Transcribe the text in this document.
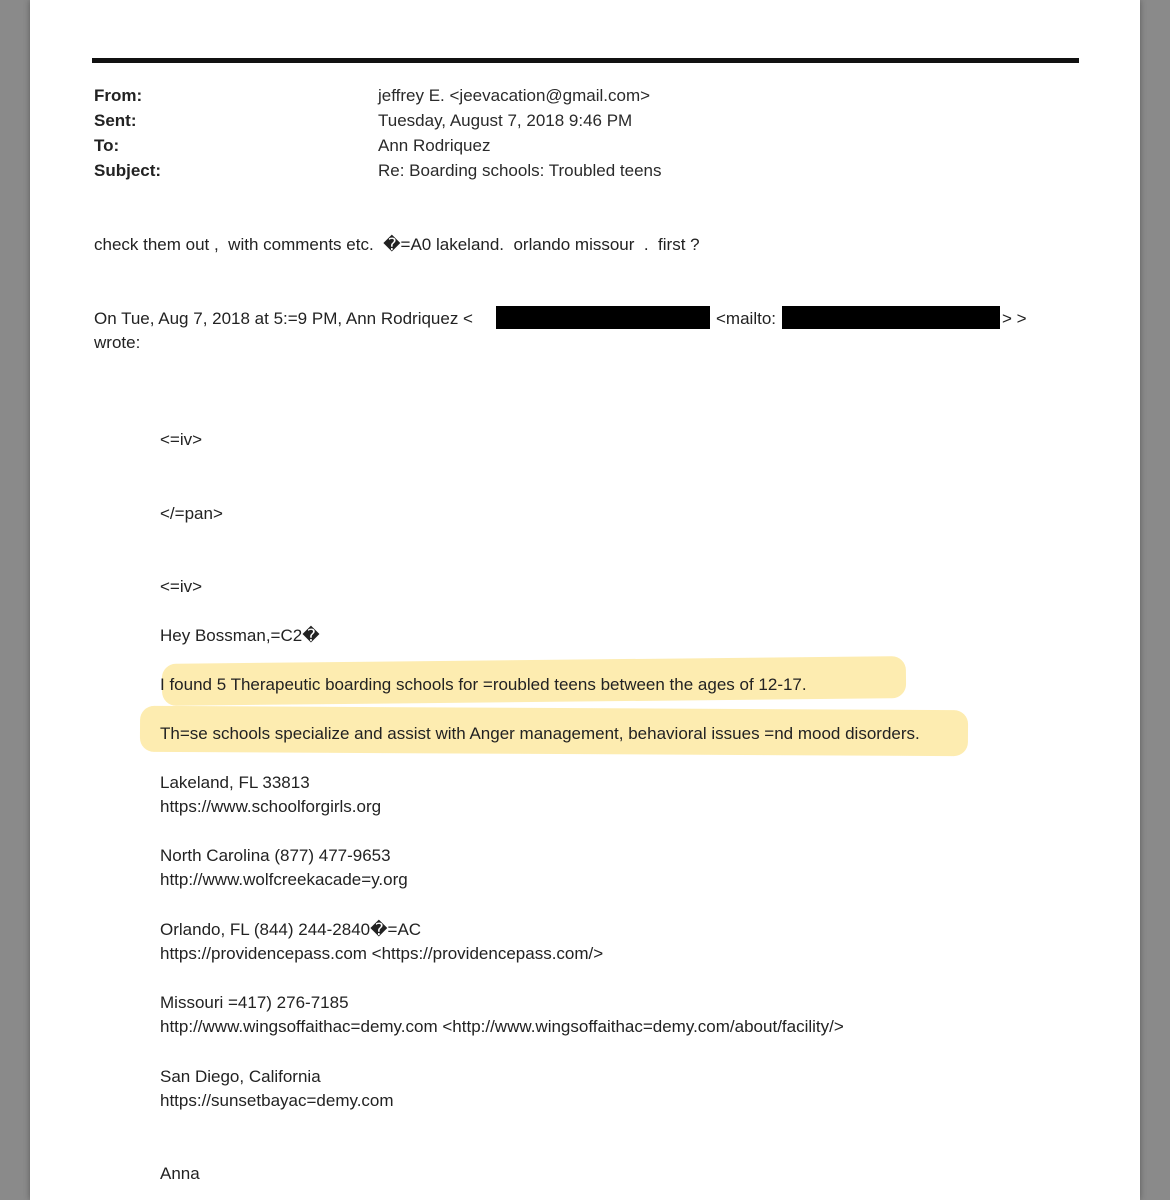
From:	jeffrey E. <jeevacation@gmail.com>
Sent:	Tuesday, August 7, 2018 9:46 PM
To:	Ann Rodriquez
Subject:	Re: Boarding schools: Troubled teens
check them out ,  with comments etc.  �=A0 lakeland.  orlando missour  .  first ?
On Tue, Aug 7, 2018 at 5:=9 PM, Ann Rodriquez <	<mailto:	> >
wrote:
<=iv>
</=pan>
<=iv>
Hey Bossman,=C2�
I found 5 Therapeutic boarding schools for =roubled teens between the ages of 12-17.
Th=se schools specialize and assist with Anger management, behavioral issues =nd mood disorders.
Lakeland, FL 33813
https://www.schoolforgirls.org
North Carolina (877) 477-9653
http://www.wolfcreekacade=y.org
Orlando, FL (844) 244-2840�=AC
https://providencepass.com <https://providencepass.com/>
Missouri =417) 276-7185
http://www.wingsoffaithac=demy.com <http://www.wingsoffaithac=demy.com/about/facility/>
San Diego, California
https://sunsetbayac=demy.com
Anna
